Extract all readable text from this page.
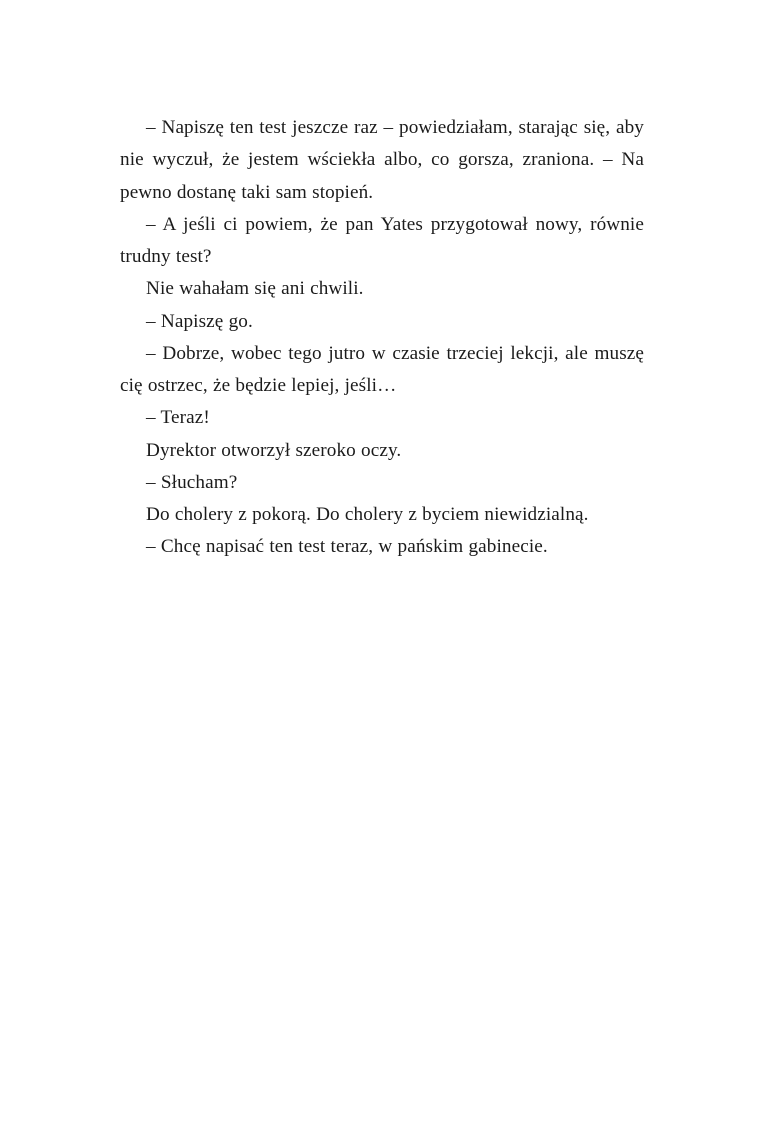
– Napiszę ten test jeszcze raz – powiedziałam, starając się, aby nie wyczuł, że jestem wściekła albo, co gorsza, zraniona. – Na pewno dostanę taki sam stopień.

– A jeśli ci powiem, że pan Yates przygotował nowy, równie trudny test?

Nie wahałam się ani chwili.

– Napiszę go.

– Dobrze, wobec tego jutro w czasie trzeciej lekcji, ale muszę cię ostrzec, że będzie lepiej, jeśli…

– Teraz!

Dyrektor otworzył szeroko oczy.

– Słucham?

Do cholery z pokorą. Do cholery z byciem niewidzialną.

– Chcę napisać ten test teraz, w pańskim gabinecie.
